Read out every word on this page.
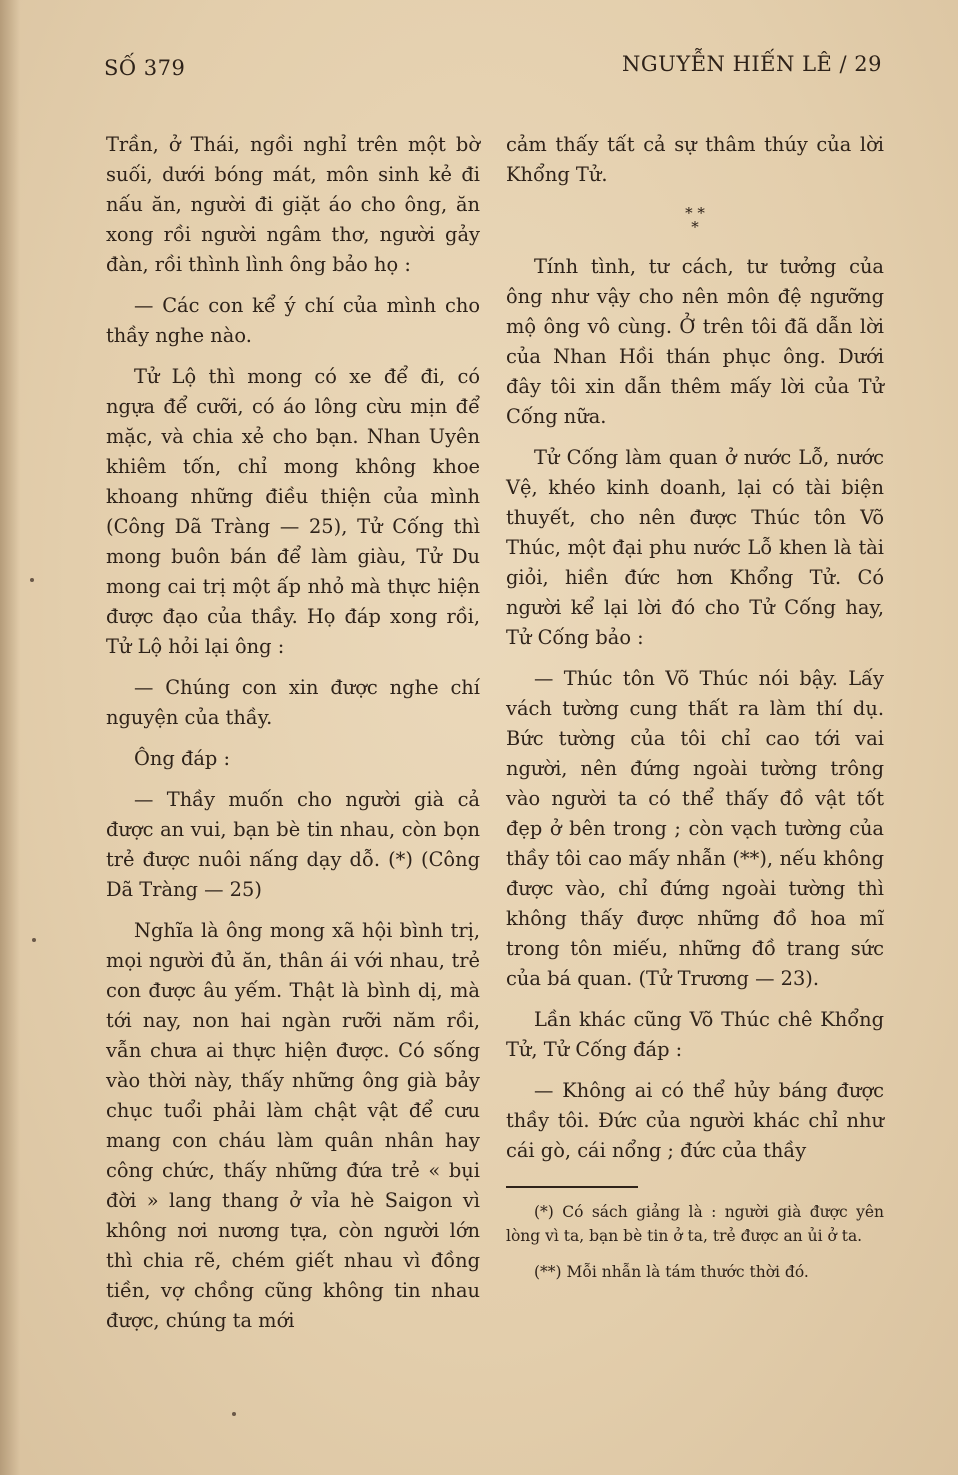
SỐ 379	NGUYỄN HIẾN LÊ / 29

Trần, ở Thái, ngồi nghỉ trên một bờ suối, dưới bóng mát, môn sinh kẻ đi nấu ăn, người đi giặt áo cho ông, ăn xong rồi người ngâm thơ, người gảy đàn, rồi thình lình ông bảo họ :

— Các con kể ý chí của mình cho thầy nghe nào.

Tử Lộ thì mong có xe để đi, có ngựa để cưỡi, có áo lông cừu mịn để mặc, và chia xẻ cho bạn. Nhan Uyên khiêm tốn, chỉ mong không khoe khoang những điều thiện của mình (Công Dã Tràng — 25), Tử Cống thì mong buôn bán để làm giàu, Tử Du mong cai trị một ấp nhỏ mà thực hiện được đạo của thầy. Họ đáp xong rồi, Tử Lộ hỏi lại ông :

— Chúng con xin được nghe chí nguyện của thầy.

Ông đáp :

— Thầy muốn cho người già cả được an vui, bạn bè tin nhau, còn bọn trẻ được nuôi nấng dạy dỗ. (*) (Công Dã Tràng — 25)

Nghĩa là ông mong xã hội bình trị, mọi người đủ ăn, thân ái với nhau, trẻ con được âu yếm. Thật là bình dị, mà tới nay, non hai ngàn rưỡi năm rồi, vẫn chưa ai thực hiện được. Có sống vào thời này, thấy những ông già bảy chục tuổi phải làm chật vật để cưu mang con cháu làm quân nhân hay công chức, thấy những đứa trẻ « bụi đời » lang thang ở vỉa hè Saigon vì không nơi nương tựa, còn người lớn thì chia rẽ, chém giết nhau vì đồng tiền, vợ chồng cũng không tin nhau được, chúng ta mới

cảm thấy tất cả sự thâm thúy của lời Khổng Tử.

* *
*

Tính tình, tư cách, tư tưởng của ông như vậy cho nên môn đệ ngưỡng mộ ông vô cùng. Ở trên tôi đã dẫn lời của Nhan Hồi thán phục ông. Dưới đây tôi xin dẫn thêm mấy lời của Tử Cống nữa.

Tử Cống làm quan ở nước Lỗ, nước Vệ, khéo kinh doanh, lại có tài biện thuyết, cho nên được Thúc tôn Võ Thúc, một đại phu nước Lỗ khen là tài giỏi, hiền đức hơn Khổng Tử. Có người kể lại lời đó cho Tử Cống hay, Tử Cống bảo :

— Thúc tôn Võ Thúc nói bậy. Lấy vách tường cung thất ra làm thí dụ. Bức tường của tôi chỉ cao tới vai người, nên đứng ngoài tường trông vào người ta có thể thấy đồ vật tốt đẹp ở bên trong ; còn vạch tường của thầy tôi cao mấy nhẫn (**), nếu không được vào, chỉ đứng ngoài tường thì không thấy được những đồ hoa mĩ trong tôn miếu, những đồ trang sức của bá quan. (Tử Trương — 23).

Lần khác cũng Võ Thúc chê Khổng Tử, Tử Cống đáp :

— Không ai có thể hủy báng được thầy tôi. Đức của người khác chỉ như cái gò, cái nổng ; đức của thầy

(*) Có sách giảng là : người già được yên lòng vì ta, bạn bè tin ở ta, trẻ được an ủi ở ta.

(**) Mỗi nhẫn là tám thước thời đó.
